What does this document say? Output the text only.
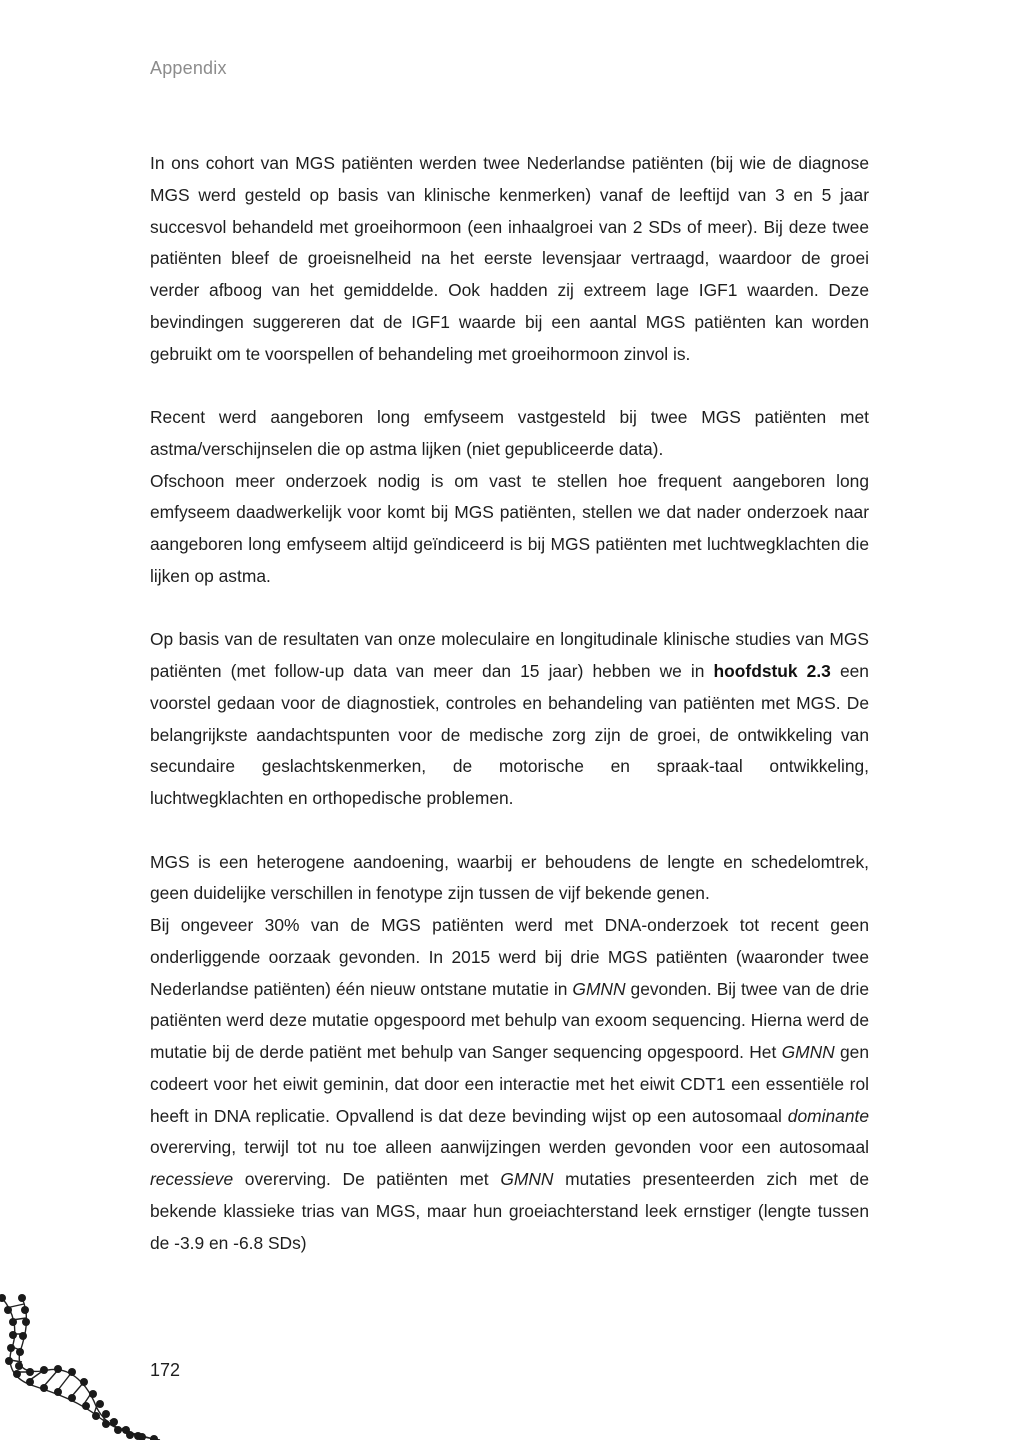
Appendix

In ons cohort van MGS patiënten werden twee Nederlandse patiënten (bij wie de diagnose MGS werd gesteld op basis van klinische kenmerken) vanaf de leeftijd van 3 en 5 jaar succesvol behandeld met groeihormoon (een inhaalgroei van 2 SDs of meer). Bij deze twee patiënten bleef de groeisnelheid na het eerste levensjaar vertraagd, waardoor de groei verder afboog van het gemiddelde. Ook hadden zij extreem lage IGF1 waarden. Deze bevindingen suggereren dat de IGF1 waarde bij een aantal MGS patiënten kan worden gebruikt om te voorspellen of behandeling met groeihormoon zinvol is.

Recent werd aangeboren long emfyseem vastgesteld bij twee MGS patiënten met astma/verschijnselen die op astma lijken (niet gepubliceerde data).

Ofschoon meer onderzoek nodig is om vast te stellen hoe frequent aangeboren long emfyseem daadwerkelijk voor komt bij MGS patiënten, stellen we dat nader onderzoek naar aangeboren long emfyseem altijd geïndiceerd is bij MGS patiënten met luchtwegklachten die lijken op astma.

Op basis van de resultaten van onze moleculaire en longitudinale klinische studies van MGS patiënten (met follow-up data van meer dan 15 jaar) hebben we in hoofdstuk 2.3 een voorstel gedaan voor de diagnostiek, controles en behandeling van patiënten met MGS. De belangrijkste aandachtspunten voor de medische zorg zijn de groei, de ontwikkeling van secundaire geslachtskenmerken, de motorische en spraak-taal ontwikkeling, luchtwegklachten en orthopedische problemen.

MGS is een heterogene aandoening, waarbij er behoudens de lengte en schedelomtrek, geen duidelijke verschillen in fenotype zijn tussen de vijf bekende genen.

Bij ongeveer 30% van de MGS patiënten werd met DNA-onderzoek tot recent geen onderliggende oorzaak gevonden. In 2015 werd bij drie MGS patiënten (waaronder twee Nederlandse patiënten) één nieuw ontstane mutatie in GMNN gevonden. Bij twee van de drie patiënten werd deze mutatie opgespoord met behulp van exoom sequencing. Hierna werd de mutatie bij de derde patiënt met behulp van Sanger sequencing opgespoord. Het GMNN gen codeert voor het eiwit geminin, dat door een interactie met het eiwit CDT1 een essentiële rol heeft in DNA replicatie. Opvallend is dat deze bevinding wijst op een autosomaal dominante overerving, terwijl tot nu toe alleen aanwijzingen werden gevonden voor een autosomaal recessieve overerving. De patiënten met GMNN mutaties presenteerden zich met de bekende klassieke trias van MGS, maar hun groeiachterstand leek ernstiger (lengte tussen de -3.9 en -6.8 SDs)

172
